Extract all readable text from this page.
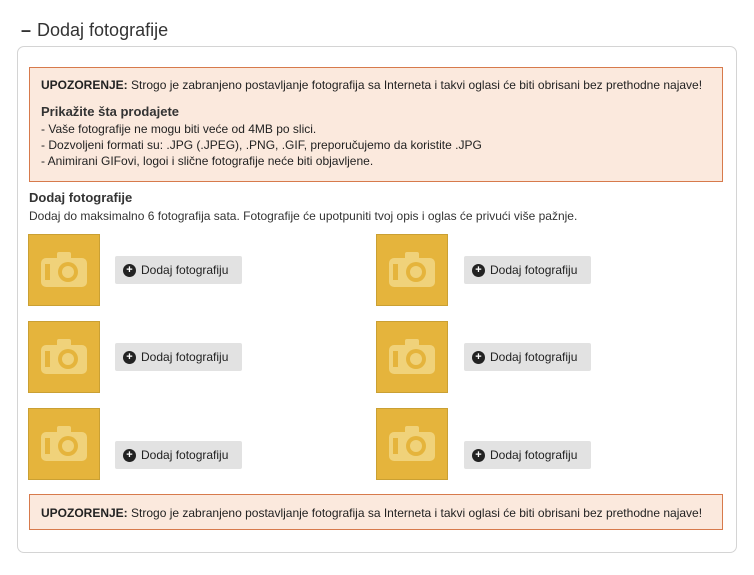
– Dodaj fotografije
UPOZORENJE: Strogo je zabranjeno postavljanje fotografija sa Interneta i takvi oglasi će biti obrisani bez prethodne najave!
Prikažite šta prodajete
- Vaše fotografije ne mogu biti veće od 4MB po slici.
- Dozvoljeni formati su: .JPG (.JPEG), .PNG, .GIF, preporučujemo da koristite .JPG
- Animirani GIFovi, logoi i slične fotografije neće biti objavljene.
Dodaj fotografije
Dodaj do maksimalno 6 fotografija sata. Fotografije će upotpuniti tvoj opis i oglas će privući više pažnje.
+ Dodaj fotografiju	+ Dodaj fotografiju
+ Dodaj fotografiju	+ Dodaj fotografiju
+ Dodaj fotografiju	+ Dodaj fotografiju
UPOZORENJE: Strogo je zabranjeno postavljanje fotografija sa Interneta i takvi oglasi će biti obrisani bez prethodne najave!
